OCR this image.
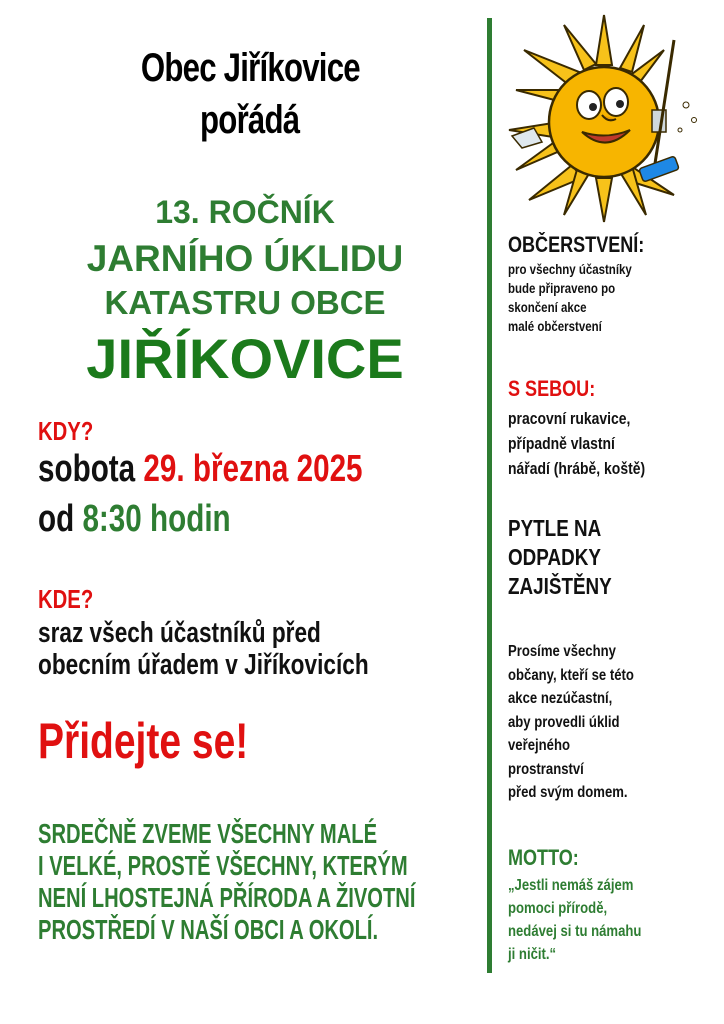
Obec Jiříkovice
pořádá
13. ROČNÍK
JARNÍHO ÚKLIDU
KATASTRU OBCE
JIŘÍKOVICE
KDY?
sobota 29. března 2025
od 8:30 hodin
KDE?
sraz všech účastníků před
obecním úřadem v Jiříkovicích
Přidejte se!
SRDEČNĚ ZVEME VŠECHNY MALÉ
I VELKÉ, PROSTĚ VŠECHNY, KTERÝM
NENÍ LHOSTEJNÁ PŘÍRODA A ŽIVOTNÍ
PROSTŘEDÍ V NAŠÍ OBCI A OKOLÍ.
OBČERSTVENÍ:
pro všechny účastníky
bude připraveno po
skončení akce
malé občerstvení
S SEBOU:
pracovní rukavice,
případně vlastní
nářadí (hrábě, koště)
PYTLE NA
ODPADKY
ZAJIŠTĚNY
Prosíme všechny
občany, kteří se této
akce nezúčastní,
aby provedli úklid
veřejného
prostranství
před svým domem.
MOTTO:
„Jestli nemáš zájem
pomoci přírodě,
nedávej si tu námahu
ji ničit.“
